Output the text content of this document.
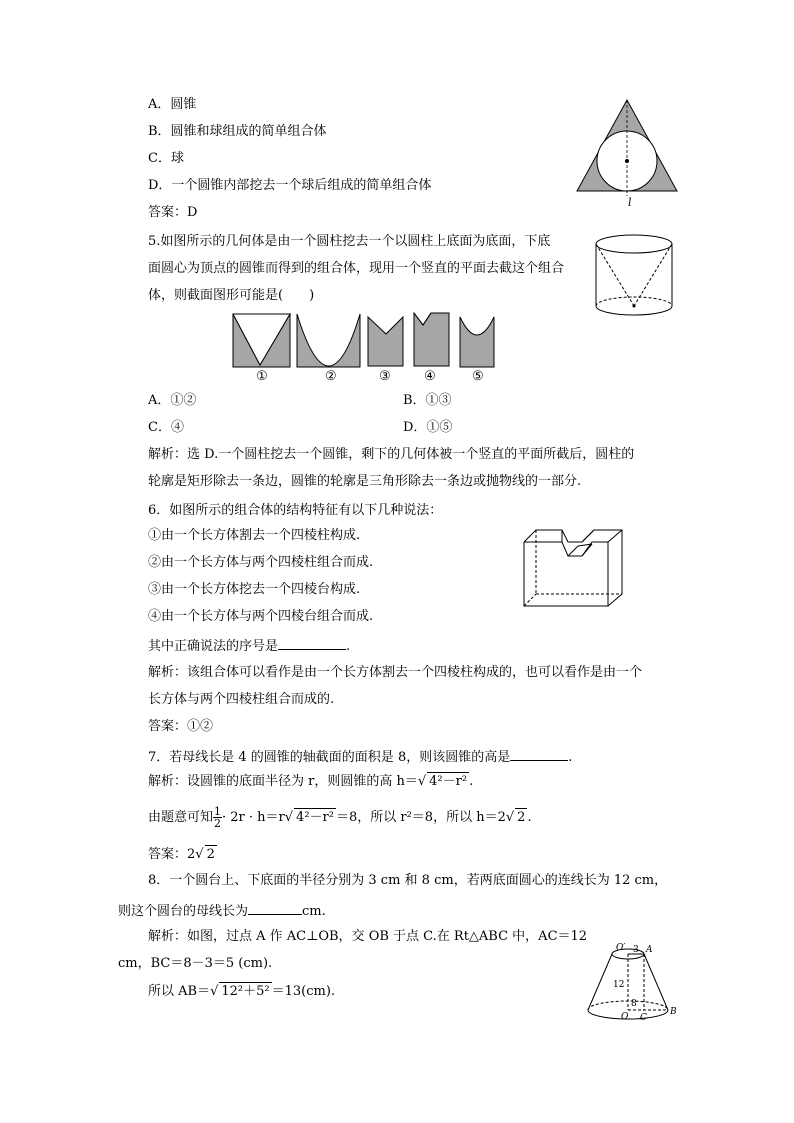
A．圆锥
B．圆锥和球组成的简单组合体
C．球
D．一个圆锥内部挖去一个球后组成的简单组合体
答案：D
l
5.如图所示的几何体是由一个圆柱挖去一个以圆柱上底面为底面，下底
面圆心为顶点的圆锥而得到的组合体，现用一个竖直的平面去截这个组合
体，则截面图形可能是(　　)
①	②	③	④	⑤
A．①②	B．①③
C．④	D．①⑤
解析：选 D.一个圆柱挖去一个圆锥，剩下的几何体被一个竖直的平面所截后，圆柱的
轮廓是矩形除去一条边，圆锥的轮廓是三角形除去一条边或抛物线的一部分.
6．如图所示的组合体的结构特征有以下几种说法：
①由一个长方体割去一个四棱柱构成.
②由一个长方体与两个四棱柱组合而成.
③由一个长方体挖去一个四棱台构成.
④由一个长方体与两个四棱台组合而成.
其中正确说法的序号是	.
解析：该组合体可以看作是由一个长方体割去一个四棱柱构成的，也可以看作是由一个
长方体与两个四棱柱组合而成的.
答案：①②
7．若母线长是 4 的圆锥的轴截面的面积是 8，则该圆锥的高是	.
解析：设圆锥的底面半径为 r，则圆锥的高 h＝√ 4²－r² .
由题意可知 $\frac{1}{2} \cdot 2r \cdot h=r√$ 4²－r² ＝8，所以 r²＝8，所以 h＝2√ 2 .
答案：2√ 2
8．一个圆台上、下底面的半径分别为 3 cm 和 8 cm，若两底面圆心的连线长为 12 cm，
则这个圆台的母线长为	cm.
解析：如图，过点 A 作 AC⊥OB，交 OB 于点 C.在 Rt△ABC 中，AC＝12
cm，BC＝8－3＝5 (cm).
所以 AB＝√ 12²＋5² ＝13(cm).
O′ 3 A
12
8
O C
B
